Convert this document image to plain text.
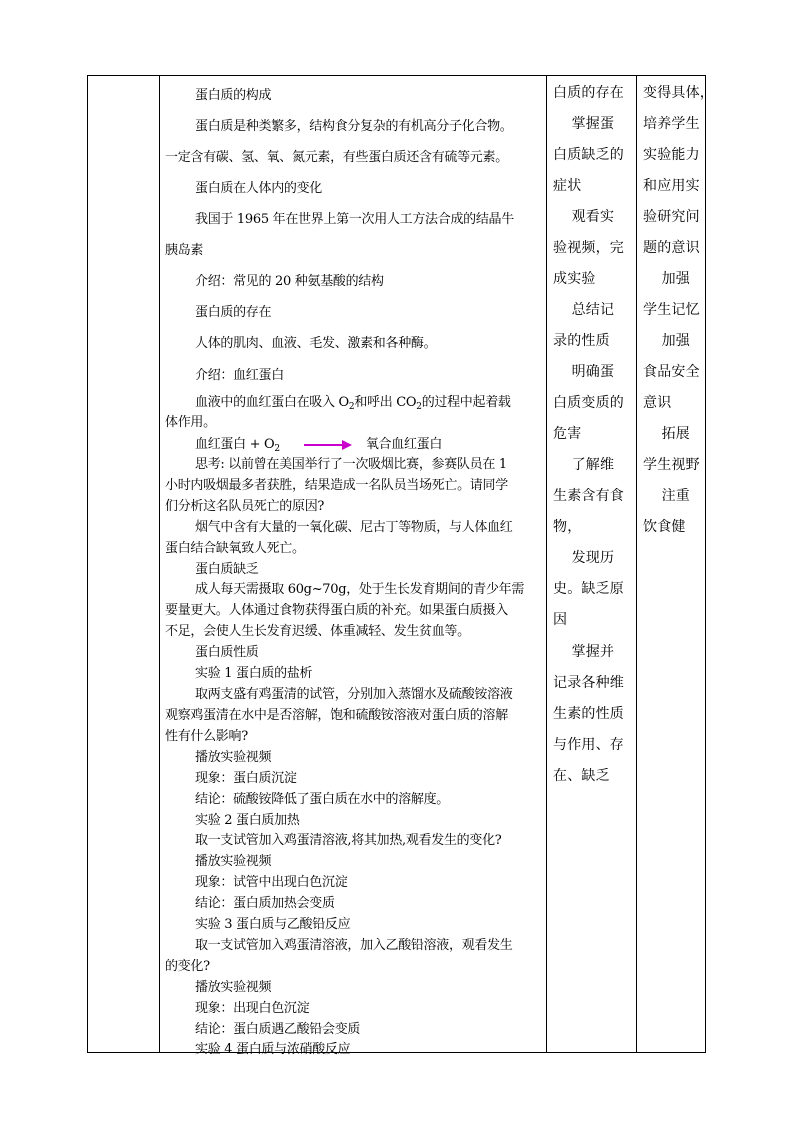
蛋白质的构成

蛋白质是种类繁多，结构食分复杂的有机高分子化合物。

一定含有碳、氢、氧、氮元素，有些蛋白质还含有硫等元素。

蛋白质在人体内的变化

我国于 1965 年在世界上第一次用人工方法合成的结晶牛

胰岛素

介绍：常见的 20 种氨基酸的结构

蛋白质的存在

人体的肌肉、血液、毛发、激素和各种酶。

介绍：血红蛋白

血液中的血红蛋白在吸入 $O_2$和呼出 $CO_2$的过程中起着载

体作用。

血红蛋白 + $O_2$	氧合血红蛋白

思考: 以前曾在美国举行了一次吸烟比赛，参赛队员在 1

小时内吸烟最多者获胜，结果造成一名队员当场死亡。请同学

们分析这名队员死亡的原因?

烟气中含有大量的一氧化碳、尼古丁等物质，与人体血红

蛋白结合缺氧致人死亡。

蛋白质缺乏

成人每天需摄取 60g~70g，处于生长发育期间的青少年需

要量更大。人体通过食物获得蛋白质的补充。如果蛋白质摄入

不足，会使人生长发育迟缓、体重减轻、发生贫血等。

蛋白质性质

实验 1 蛋白质的盐析

取两支盛有鸡蛋清的试管，分别加入蒸馏水及硫酸铵溶液

观察鸡蛋清在水中是否溶解，饱和硫酸铵溶液对蛋白质的溶解

性有什么影响?

播放实验视频

现象：蛋白质沉淀

结论：硫酸铵降低了蛋白质在水中的溶解度。

实验 2 蛋白质加热

取一支试管加入鸡蛋清溶液,将其加热,观看发生的变化?

播放实验视频

现象：试管中出现白色沉淀

结论：蛋白质加热会变质

实验 3 蛋白质与乙酸铅反应

取一支试管加入鸡蛋清溶液，加入乙酸铅溶液，观看发生

的变化?

播放实验视频

现象：出现白色沉淀

结论：蛋白质遇乙酸铅会变质

实验 4 蛋白质与浓硝酸反应

白质的存在
掌握蛋
白质缺乏的
症状
观看实
验视频，完
成实验
总结记
录的性质
明确蛋
白质变质的
危害
了解维
生素含有食
物，
发现历
史。缺乏原
因
掌握并
记录各种维
生素的性质
与作用、存
在、缺乏
变得具体，
培养学生
实验能力
和应用实
验研究问
题的意识
加强
学生记忆
加强
食品安全
意识
拓展
学生视野
注重
饮食健
